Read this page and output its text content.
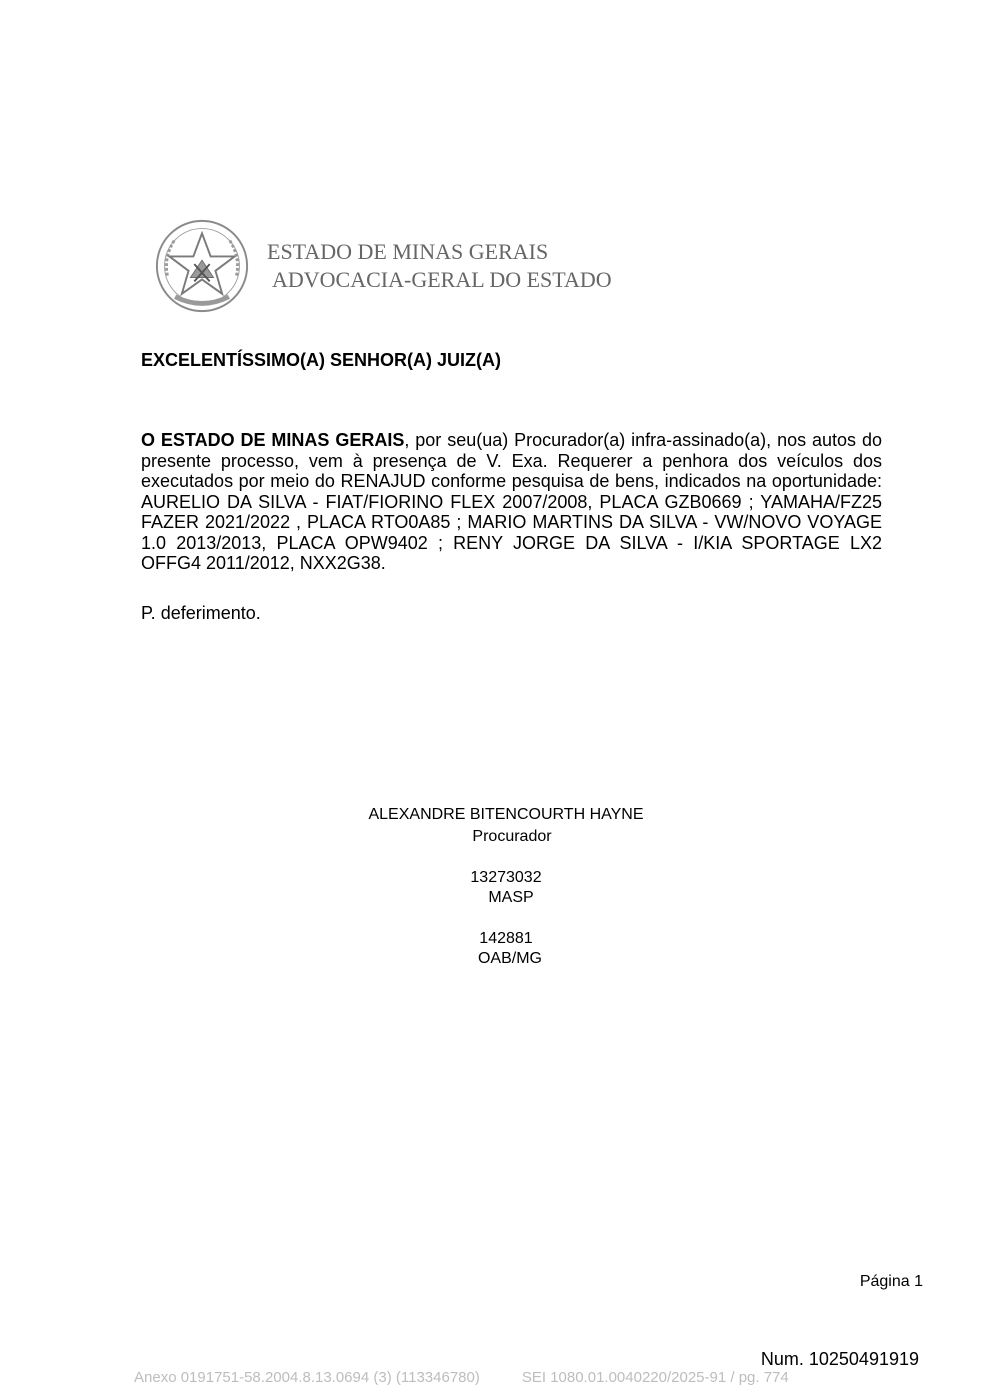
ESTADO DE MINAS GERAIS
ADVOCACIA-GERAL DO ESTADO
EXCELENTÍSSIMO(A) SENHOR(A) JUIZ(A)
O ESTADO DE MINAS GERAIS, por seu(ua) Procurador(a) infra-assinado(a), nos autos do presente processo, vem à presença de V. Exa. Requerer a penhora dos veículos dos executados por meio do RENAJUD conforme pesquisa de bens, indicados na oportunidade: AURELIO DA SILVA - FIAT/FIORINO FLEX 2007/2008, PLACA GZB0669 ; YAMAHA/FZ25 FAZER 2021/2022 , PLACA RTO0A85 ; MARIO MARTINS DA SILVA - VW/NOVO VOYAGE 1.0 2013/2013, PLACA OPW9402 ; RENY JORGE DA SILVA - I/KIA SPORTAGE LX2 OFFG4 2011/2012, NXX2G38.
P. deferimento.
ALEXANDRE BITENCOURTH HAYNE
Procurador
13273032
MASP
142881
OAB/MG
Página 1
Num. 10250491919
Anexo 0191751-58.2004.8.13.0694 (3) (113346780)	SEI 1080.01.0040220/2025-91 / pg. 774
